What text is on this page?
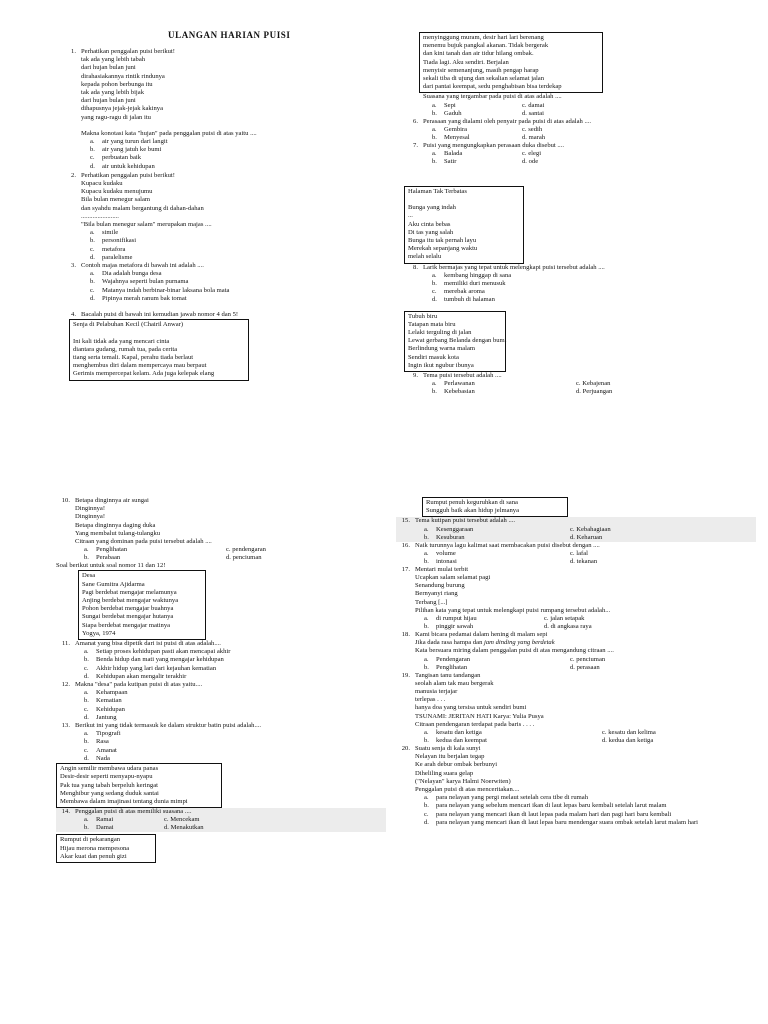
ULANGAN HARIAN PUISI
1. Perhatikan penggalan puisi berikut!
tak ada yang lebih tabah
dari hujan bulan juni
dirahasiakannya rintik rindunya
kepada pohon berbunga itu
tak ada yang lebih bijak
dari hujan bulan juni
dihapusnya jejak-jejak kakinya
yang ragu-ragu di jalan itu
Makna konotasi kata "hujan" pada penggalan puisi di atas yaitu ....
a. air yang turun dari langit
b. air yang jatuh ke bumi
c. perbuatan baik
d. air untuk kehidupan
2. Perhatikan penggalan puisi berikut!
Kupacu kudaku
Kupacu kudaku menujumu
Bila bulan menegur salam
dan syahdu malam bergantung di dahan-dahan
.......................
"Bila bulan menegur salam" merupakan majas ....
a. simile
b. personifikasi
c. metafora
d. paralelisme
3. Contoh majas metafora di bawah ini adalah ....
a. Dia adalah bunga desa
b. Wajahnya seperti bulan purnama
c. Matanya indah berbinar-binar laksana bola mata
d. Pipinya merah ranum bak tomat
4. Bacalah puisi di bawah ini kemudian jawab nomor 4 dan 5!
Senja di Pelabuhan Kecil (Chairil Anwar)
Ini kali tidak ada yang mencari cinta
diantara gudang, rumah tua, pada cerita
tiang serta temali. Kapal, perahu tiada berlaut
menghembus diri dalam mempercaya mau berpaut
Gerimis mempercepat kelam. Ada juga kelepak elang
menyinggung muram, desir hari lari berenang
menemu bujuk pangkal akanan. Tidak bergerak
dan kini tanah dan air tidur hilang ombak.
Tiada lagi. Aku sendiri. Berjalan
menyisir semenanjung, masih pengap harap
sekali tiba di ujung dan sekalian selamat jalan
dari pantai keempat, sedu penghabisan bisa terdekap
Suasana yang tergambar pada puisi di atas adalah ....
a. Sepi	c. damai
b. Gaduh	d. santai
6. Perasaan yang dialami oleh penyair pada puisi di atas adalah ....
a. Gembira	c. sedih
b. Menyesal	d. marah
7. Puisi yang mengungkapkan perasaan duka disebut ....
a. Balada	c. elegi
b. Satir	d. ode
Halaman Tak Terbatas
Bunga yang indah
...
Aku cinta bebas
Di tas yang salah
Bunga itu tak pernah layu
Merekah sepanjang waktu
melah selalu
8. Larik bermajas yang tepat untuk melengkapi puisi tersebut adalah ....
a. kembang hinggap di sana
b. memiliki duri menusuk
c. merebak aroma
d. tumbuh di halaman
Tubuh biru
Tatapan mata biru
Lelaki terguling di jalan
Lewat gerbang Belanda dengan bumi
Berlindung warna malam
Sendiri masuk kota
Ingin ikut ngubur ibunya
9. Tema puisi tersebut adalah ....
a. Perlawanan	c. Kebajenan
b. Kebebasian	d. Perjuangan
10. Betapa dinginnya air sungai
Dinginnya!
Dinginnya!
Betapa dinginnya daging duka
Yang membalut tulang-tulangku
Citraan yang dominan pada puisi tersebut adalah ....
a. Penglihatan	c. pendengaran
b. Perabaan	d. penciuman
Soal berikut untuk soal nomor 11 dan 12!
Desa
Sane Gumitra Ajidarma
Pagi berdebat mengajar melamunya
Anjing berdebat mengajar waktunya
Pohon berdebat mengajar buahnya
Sungai berdebat mengajar hutanya
Siapa berdebat mengajar matinya
Yogya, 1974
11. Amanat yang bisa dipetik dari isi puisi di atas adalah....
a. Setiap proses kehidupan pasti akan mencapai akhir
b. Benda hidup dan mati yang mengajar kehidupan
c. Akhir hidup yang lari dari kejauhan kematian
d. Kehidupan akan mengalir terakhir
12. Makna "desa" pada kutipan puisi di atas yaitu....
a. Kehampaan
b. Kematian
c. Kehidupan
d. Jantung
13. Berikut ini yang tidak termasuk ke dalam struktur batin puisi adalah....
a. Tipografi
b. Rasa
c. Amanat
d. Nada
Angin semilir membawa udara panas
Desir-desir seperti menyapu-nyapu
Pak tua yang tabah berpeluh keringat
Menghibur yang sedang duduk santai
Membawa dalam imajinasi tentang dunia mimpi
14. Penggalan puisi di atas memiliki suasana ....
a. Ramai	c. Mencekam
b. Damai	d. Menakutkan
Rumput di pekarangan
Hijau merona mempesona
Akar kuat dan penuh gizi
Rumput penuh keguruhkan di sana
Sungguh baik akan hidup jelmanya
15. Tema kutipan puisi tersebut adalah ....
a. Kesenggaraan	c. Kebahagiaan
b. Kesuburan	d. Keharuan
16. Naik turunnya lagu kalimat saat membacakan puisi disebut dengan ....
a. volume	c. lafal
b. intonasi	d. tekanan
17. Mentari mulai terbit
Ucapkan salam selamat pagi
Senandung burung
Bernyanyi riang
Terbang [...]
Pilihan kata yang tepat untuk melengkapi puisi rumpang tersebut adalah...
a. di rumput hijau	c. jalan setapak
b. pinggir sawah	d. di angkasa raya
18. Kami bicara pedamai dalam hening di malam sepi
Jika dada rasa hampa dan jam dinding yang berdetak
Kata bersuara miring dalam penggalan puisi di atas mengandung citraan ....
a. Pendengaran	c. penciuman
b. Penglihatan	d. perasaan
19. Tangisan tanu tandangan
seolah alam tak mau bergerak
manusia terjajar
terlepas . . .
hanya doa yang tersisa untuk sendiri bumi
TSUNAMI: JERITAN HATI Karya: Yulia Pusya
Citraan pendengaran terdapat pada baris . . . .
a. kesatu dan ketiga	c. kesatu dan kelima
b. kedua dan keempat	d. kedua dan ketiga
20. Suatu senja di kala sunyi
Nelayan itu berjalan tegap
Ke arah debur ombak berbunyi
Diheliling suara gelap
("Nelayan" karya Halmi Noerwiten)
Penggalan puisi di atas menceritakan....
a. para nelayan yang pergi melaut setelah cera tibe di rumah
b. para nelayan yang sebelum mencari ikan di laut lepas baru kembali setelah larut malam
c. para nelayan yang mencari ikan di laut lepas pada malam hari dan pagi hari baru kembali
d. para nelayan yang mencari ikan di laut lepas baru mendengar suara ombak setelah larut malam hari
